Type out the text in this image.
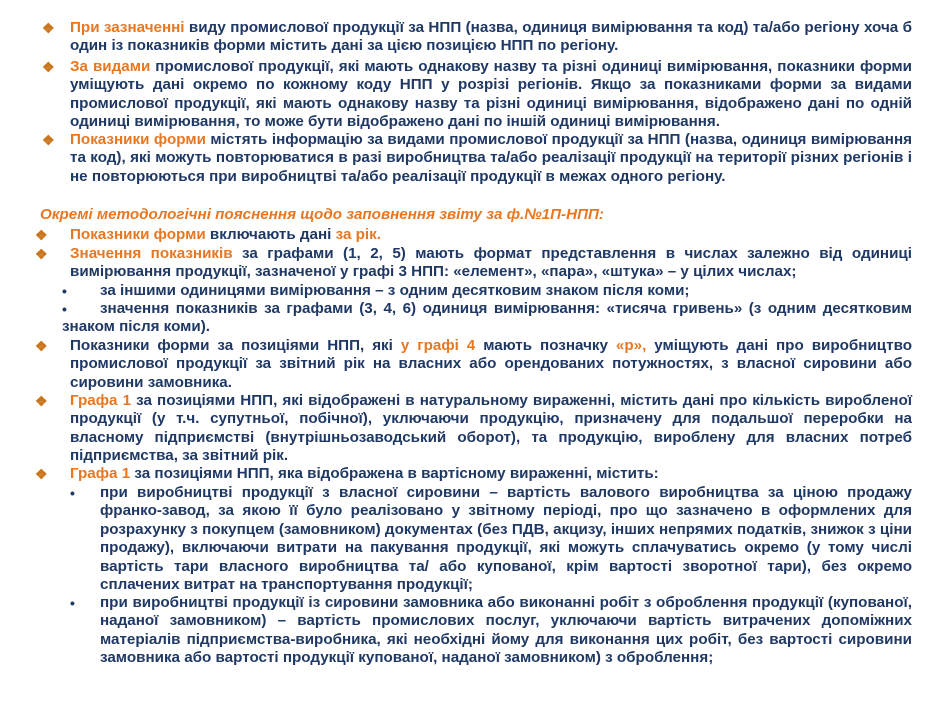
❖ При зазначенні виду промислової продукції за НПП (назва, одиниця вимірювання та код) та/або регіону хоча б один із показників форми містить дані за цією позицією НПП по регіону.

❖ За видами промислової продукції, які мають однакову назву та різні одиниці вимірювання, показники форми уміщують дані окремо по кожному коду НПП у розрізі регіонів. Якщо за показниками форми за видами промислової продукції, які мають однакову назву та різні одиниці вимірювання, відображено дані по одній одиниці вимірювання, то може бути відображено дані по іншій одиниці вимірювання.

❖ Показники форми містять інформацію за видами промислової продукції за НПП (назва, одиниця вимірювання та код), які можуть повторюватися в разі виробництва та/або реалізації продукції на території різних регіонів і не повторюються при виробництві та/або реалізації продукції в межах одного регіону.

Окремі методологічні пояснення щодо заповнення звіту за ф.№1П-НПП:
❖ Показники форми включають дані за рік.

❖ Значення показників за графами (1, 2, 5) мають формат представлення в числах залежно від одиниці вимірювання продукції, зазначеної у графі 3 НПП: «елемент», «пара», «штука» – у цілих числах;

• за іншими одиницями вимірювання – з одним десятковим знаком після коми;

•	значення показників за графами (3, 4, 6) одиниця вимірювання: «тисяча гривень» (з одним десятковим знаком після коми).

❖ Показники форми за позиціями НПП, які у графі 4 мають позначку «р», уміщують дані про виробництво промислової продукції за звітний рік на власних або орендованих потужностях, з власної сировини або сировини замовника.

❖ Графа 1 за позиціями НПП, які відображені в натуральному вираженні, містить дані про кількість виробленої продукції (у т.ч. супутньої, побічної), уключаючи продукцію, призначену для подальшої переробки на власному підприємстві (внутрішньозаводський оборот), та продукцію, вироблену для власних потреб підприємства, за звітний рік.

❖ Графа 1 за позиціями НПП, яка відображена в вартісному вираженні, містить:

• при виробництві продукції з власної сировини – вартість валового виробництва за ціною продажу франко-завод, за якою її було реалізовано у звітному періоді, про що зазначено в оформлених для розрахунку з покупцем (замовником) документах (без ПДВ, акцизу, інших непрямих податків, знижок з ціни продажу), включаючи витрати на пакування продукції, які можуть сплачуватись окремо (у тому числі вартість тари власного виробництва та/ або купованої, крім вартості зворотної тари), без окремо сплачених витрат на транспортування продукції;

• при виробництві продукції із сировини замовника або виконанні робіт з оброблення продукції (купованої, наданої замовником) – вартість промислових послуг, уключаючи вартість витрачених допоміжних матеріалів підприємства-виробника, які необхідні йому для виконання цих робіт, без вартості сировини замовника або вартості продукції купованої, наданої замовником) з оброблення;
